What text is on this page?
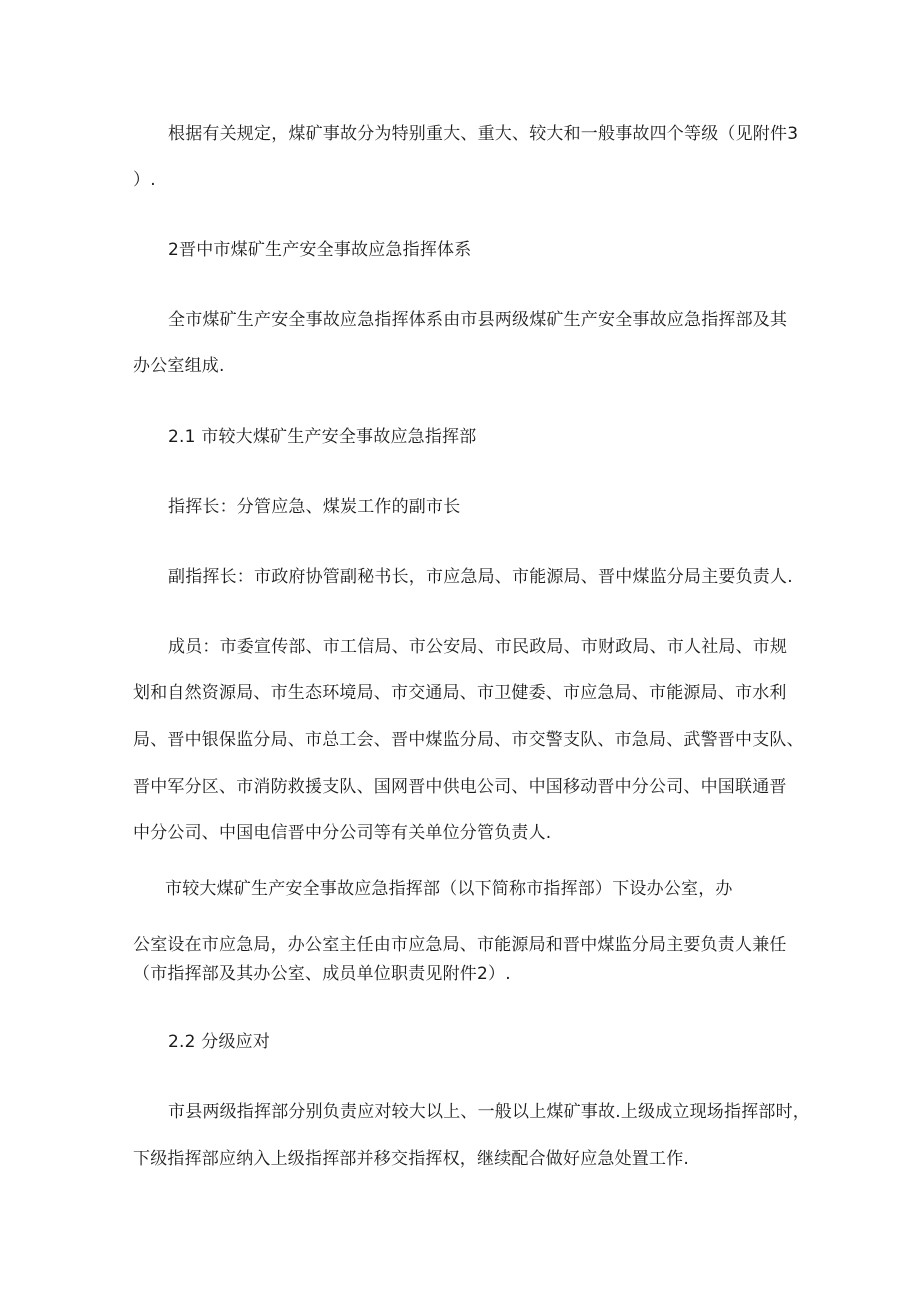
根据有关规定，煤矿事故分为特别重大、重大、较大和一般事故四个等级（见附件3
）.
2晋中市煤矿生产安全事故应急指挥体系
全市煤矿生产安全事故应急指挥体系由市县两级煤矿生产安全事故应急指挥部及其
办公室组成.
2.1 市较大煤矿生产安全事故应急指挥部
指挥长：分管应急、煤炭工作的副市长
副指挥长：市政府协管副秘书长，市应急局、市能源局、晋中煤监分局主要负责人.
成员：市委宣传部、市工信局、市公安局、市民政局、市财政局、市人社局、市规
划和自然资源局、市生态环境局、市交通局、市卫健委、市应急局、市能源局、市水利
局、晋中银保监分局、市总工会、晋中煤监分局、市交警支队、市急局、武警晋中支队、
晋中军分区、市消防救援支队、国网晋中供电公司、中国移动晋中分公司、中国联通晋
中分公司、中国电信晋中分公司等有关单位分管负责人.
市较大煤矿生产安全事故应急指挥部（以下简称市指挥部）下设办公室，办
公室设在市应急局，办公室主任由市应急局、市能源局和晋中煤监分局主要负责人兼任
（市指挥部及其办公室、成员单位职责见附件2）.
2.2 分级应对
市县两级指挥部分别负责应对较大以上、一般以上煤矿事故.上级成立现场指挥部时，
下级指挥部应纳入上级指挥部并移交指挥权，继续配合做好应急处置工作.
